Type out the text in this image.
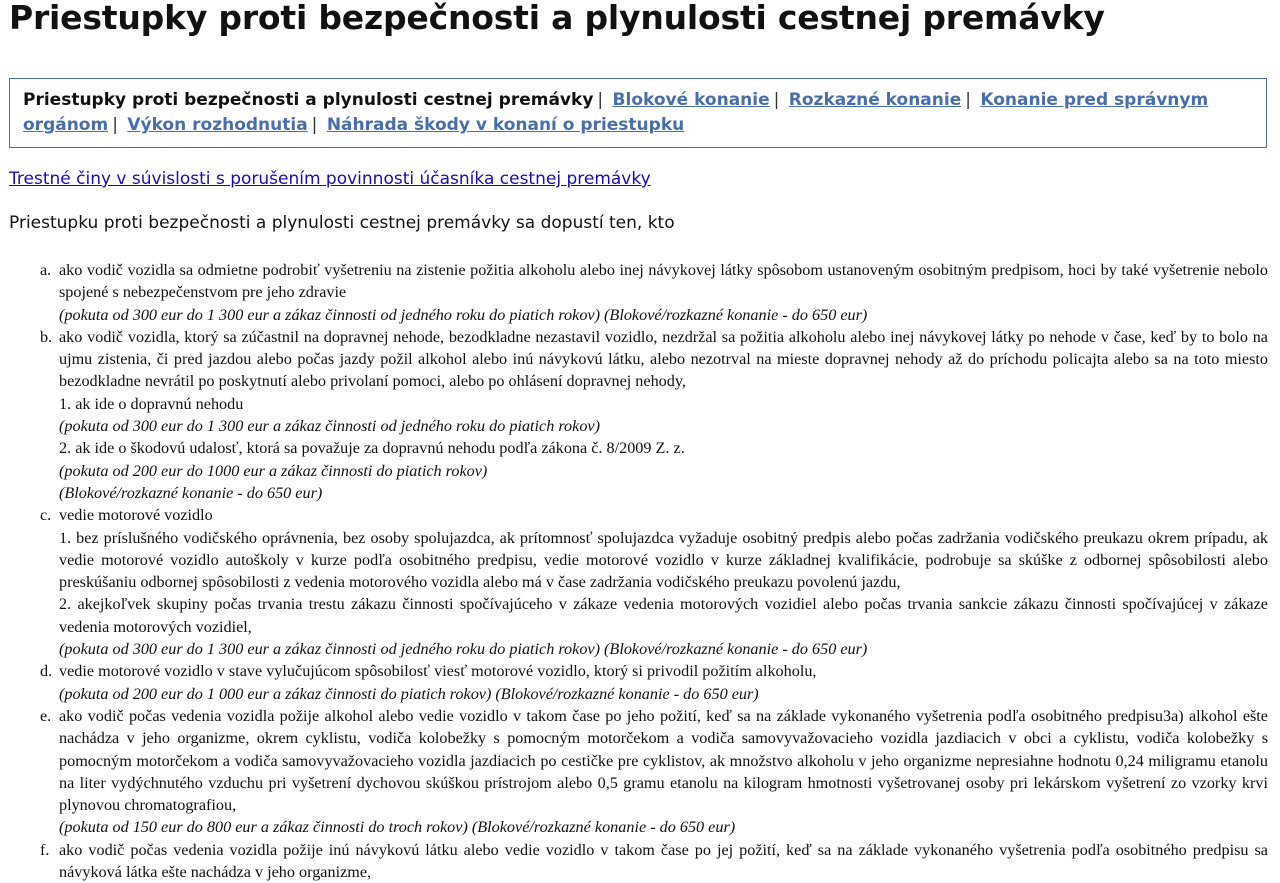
Priestupky proti bezpečnosti a plynulosti cestnej premávky
Priestupky proti bezpečnosti a plynulosti cestnej premávky | Blokové konanie | Rozkazné konanie | Konanie pred správnym orgánom | Výkon rozhodnutia | Náhrada škody v konaní o priestupku
Trestné činy v súvislosti s porušením povinnosti účasníka cestnej premávky

Priestupku proti bezpečnosti a plynulosti cestnej premávky sa dopustí ten, kto

a. ako vodič vozidla sa odmietne podrobiť vyšetreniu na zistenie požitia alkoholu alebo inej návykovej látky spôsobom ustanoveným osobitným predpisom, hoci by také vyšetrenie nebolo spojené s nebezpečenstvom pre jeho zdravie
(pokuta od 300 eur do 1 300 eur a zákaz činnosti od jedného roku do piatich rokov) (Blokové/rozkazné konanie - do 650 eur)
b. ako vodič vozidla, ktorý sa zúčastnil na dopravnej nehode, bezodkladne nezastavil vozidlo, nezdržal sa požitia alkoholu alebo inej návykovej látky po nehode v čase, keď by to bolo na ujmu zistenia, či pred jazdou alebo počas jazdy požil alkohol alebo inú návykovú látku, alebo nezotrval na mieste dopravnej nehody až do príchodu policajta alebo sa na toto miesto bezodkladne nevrátil po poskytnutí alebo privolaní pomoci, alebo po ohlásení dopravnej nehody,
1. ak ide o dopravnú nehodu
(pokuta od 300 eur do 1 300 eur a zákaz činnosti od jedného roku do piatich rokov)
2. ak ide o škodovú udalosť, ktorá sa považuje za dopravnú nehodu podľa zákona č. 8/2009 Z. z.
(pokuta od 200 eur do 1000 eur a zákaz činnosti do piatich rokov)
(Blokové/rozkazné konanie - do 650 eur)
c. vedie motorové vozidlo
1. bez príslušného vodičského oprávnenia, bez osoby spolujazdca, ak prítomnosť spolujazdca vyžaduje osobitný predpis alebo počas zadržania vodičského preukazu okrem prípadu, ak vedie motorové vozidlo autoškoly v kurze podľa osobitného predpisu, vedie motorové vozidlo v kurze základnej kvalifikácie, podrobuje sa skúške z odbornej spôsobilosti alebo preskúšaniu odbornej spôsobilosti z vedenia motorového vozidla alebo má v čase zadržania vodičského preukazu povolenú jazdu,
2. akejkoľvek skupiny počas trvania trestu zákazu činnosti spočívajúceho v zákaze vedenia motorových vozidiel alebo počas trvania sankcie zákazu činnosti spočívajúcej v zákaze vedenia motorových vozidiel,
(pokuta od 300 eur do 1 300 eur a zákaz činnosti od jedného roku do piatich rokov) (Blokové/rozkazné konanie - do 650 eur)
d. vedie motorové vozidlo v stave vylučujúcom spôsobilosť viesť motorové vozidlo, ktorý si privodil požitím alkoholu,
(pokuta od 200 eur do 1 000 eur a zákaz činnosti do piatich rokov) (Blokové/rozkazné konanie - do 650 eur)
e. ako vodič počas vedenia vozidla požije alkohol alebo vedie vozidlo v takom čase po jeho požití, keď sa na základe vykonaného vyšetrenia podľa osobitného predpisu3a) alkohol ešte nachádza v jeho organizme, okrem cyklistu, vodiča kolobežky s pomocným motorčekom a vodiča samovyvažovacieho vozidla jazdiacich v obci a cyklistu, vodiča kolobežky s pomocným motorčekom a vodiča samovyvažovacieho vozidla jazdiacich po cestičke pre cyklistov, ak množstvo alkoholu v jeho organizme nepresiahne hodnotu 0,24 miligramu etanolu na liter vydýchnutého vzduchu pri vyšetrení dychovou skúškou prístrojom alebo 0,5 gramu etanolu na kilogram hmotnosti vyšetrovanej osoby pri lekárskom vyšetrení zo vzorky krvi plynovou chromatografiou,
(pokuta od 150 eur do 800 eur a zákaz činnosti do troch rokov) (Blokové/rozkazné konanie - do 650 eur)
f. ako vodič počas vedenia vozidla požije inú návykovú látku alebo vedie vozidlo v takom čase po jej požití, keď sa na základe vykonaného vyšetrenia podľa osobitného predpisu sa návyková látka ešte nachádza v jeho organizme,
